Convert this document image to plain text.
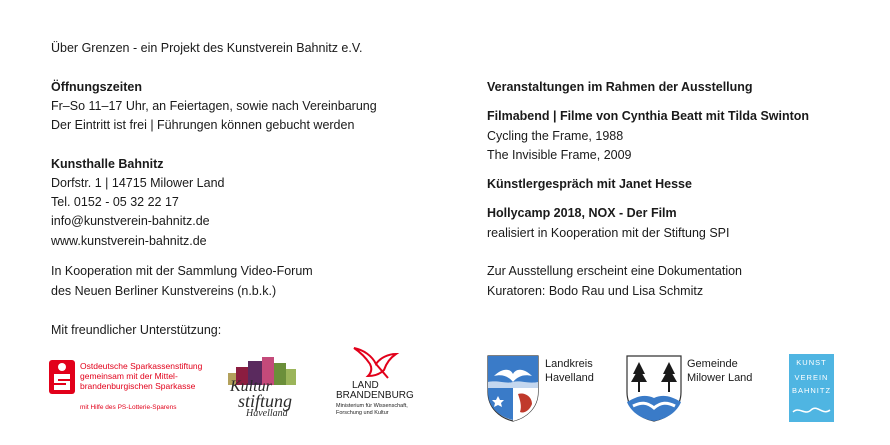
Über Grenzen - ein Projekt des Kunstverein Bahnitz e.V.
Öffnungszeiten
Fr–So 11–17 Uhr, an Feiertagen, sowie nach Vereinbarung
Der Eintritt ist frei | Führungen können gebucht werden
Kunsthalle Bahnitz
Dorfstr. 1 | 14715 Milower Land
Tel. 0152 - 05 32 22 17
info@kunstverein-bahnitz.de
www.kunstverein-bahnitz.de
In Kooperation mit der Sammlung Video-Forum
des Neuen Berliner Kunstvereins (n.b.k.)
Mit freundlicher Unterstützung:
Veranstaltungen im Rahmen der Ausstellung
Filmabend | Filme von Cynthia Beatt mit Tilda Swinton
Cycling the Frame, 1988
The Invisible Frame, 2009
Künstlergespräch mit Janet Hesse
Hollycamp 2018, NOX - Der Film
realisiert in Kooperation mit der Stiftung SPI
Zur Ausstellung erscheint eine Dokumentation
Kuratoren: Bodo Rau und Lisa Schmitz
Ostdeutsche Sparkassenstiftung
gemeinsam mit der Mittel-
brandenburgischen Sparkasse
mit Hilfe des PS-Lotterie-Sparens
Kultur
stiftung
Havelland
LAND
BRANDENBURG
Ministerium für Wissenschaft,
Forschung und Kultur
Landkreis
Havelland
Gemeinde
Milower Land
KUNST
VEREIN
BAHNITZ
